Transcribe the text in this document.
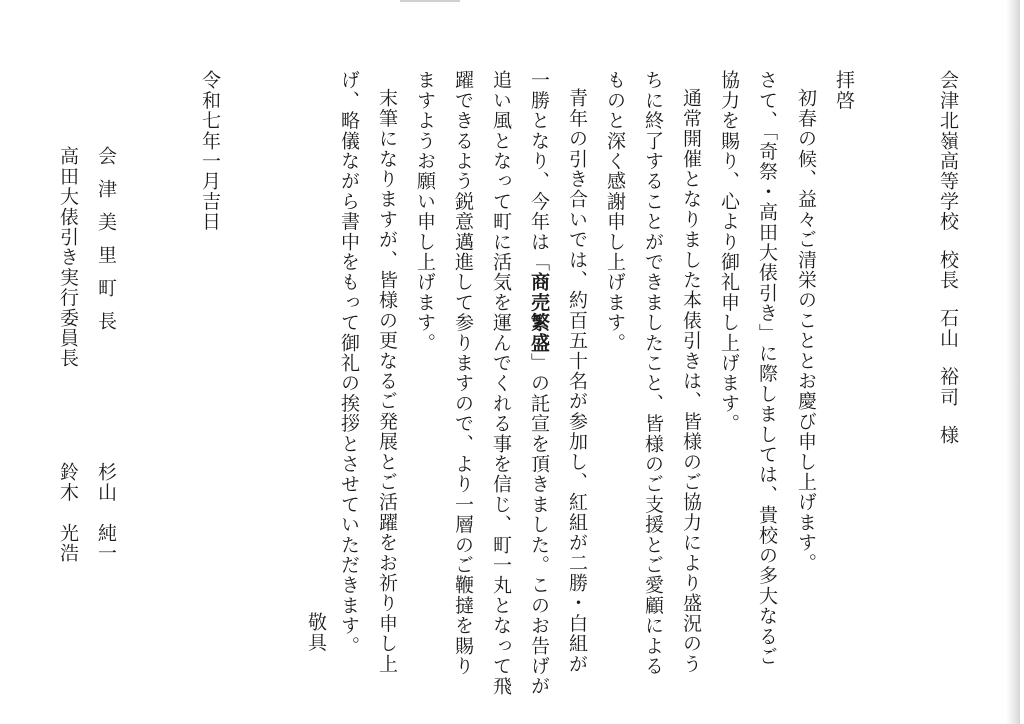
会津北嶺高等学校校長石山裕司様
拝啓
初春の候、益々ご清栄のこととお慶び申し上げます。
さて、「奇祭・高田大俵引き」に際しましては、貴校の多大なるご
協力を賜り、心より御礼申し上げます。
通常開催となりました本俵引きは、皆様のご協力により盛況のう
ちに終了することができましたこと、皆様のご支援とご愛顧による
ものと深く感謝申し上げます。
青年の引き合いでは、約百五十名が参加し、紅組が二勝・白組が
一勝となり、今年は「商売繁盛」の託宣を頂きました。このお告げが
追い風となって町に活気を運んでくれる事を信じ、町一丸となって飛
躍できるよう鋭意邁進して参りますので、より一層のご鞭撻を賜り
ますようお願い申し上げます。
末筆になりますが、皆様の更なるご発展とご活躍をお祈り申し上
げ、略儀ながら書中をもって御礼の挨拶とさせていただきます。
敬具
令和七年一月吉日
会津美里町長
杉山　純一
高田大俵引き実行委員長
鈴木　光浩
